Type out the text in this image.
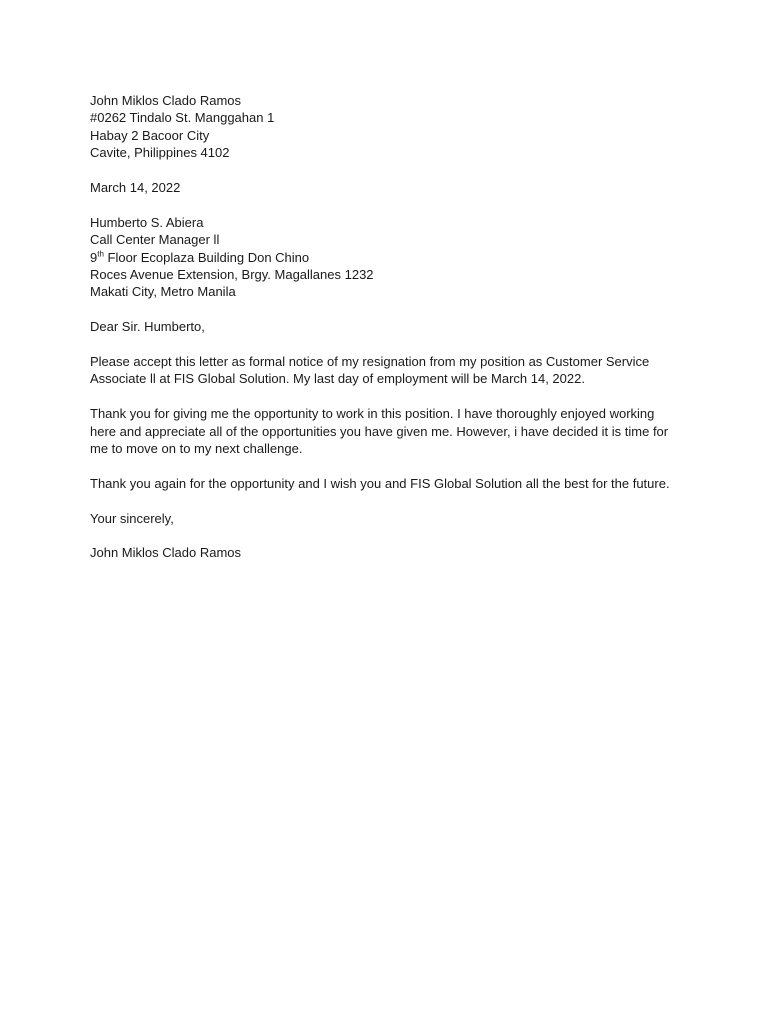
John Miklos Clado Ramos
#0262 Tindalo St. Manggahan 1
Habay 2 Bacoor City
Cavite, Philippines 4102
March 14, 2022
Humberto S. Abiera
Call Center Manager ll
9th Floor Ecoplaza Building Don Chino
Roces Avenue Extension, Brgy. Magallanes 1232
Makati City, Metro Manila
Dear Sir. Humberto,

Please accept this letter as formal notice of my resignation from my position as Customer Service Associate ll at FIS Global Solution. My last day of employment will be March 14, 2022.

Thank you for giving me the opportunity to work in this position. I have thoroughly enjoyed working here and appreciate all of the opportunities you have given me. However, i have decided it is time for me to move on to my next challenge.

Thank you again for the opportunity and I wish you and FIS Global Solution all the best for the future.

Your sincerely,
John Miklos Clado Ramos
